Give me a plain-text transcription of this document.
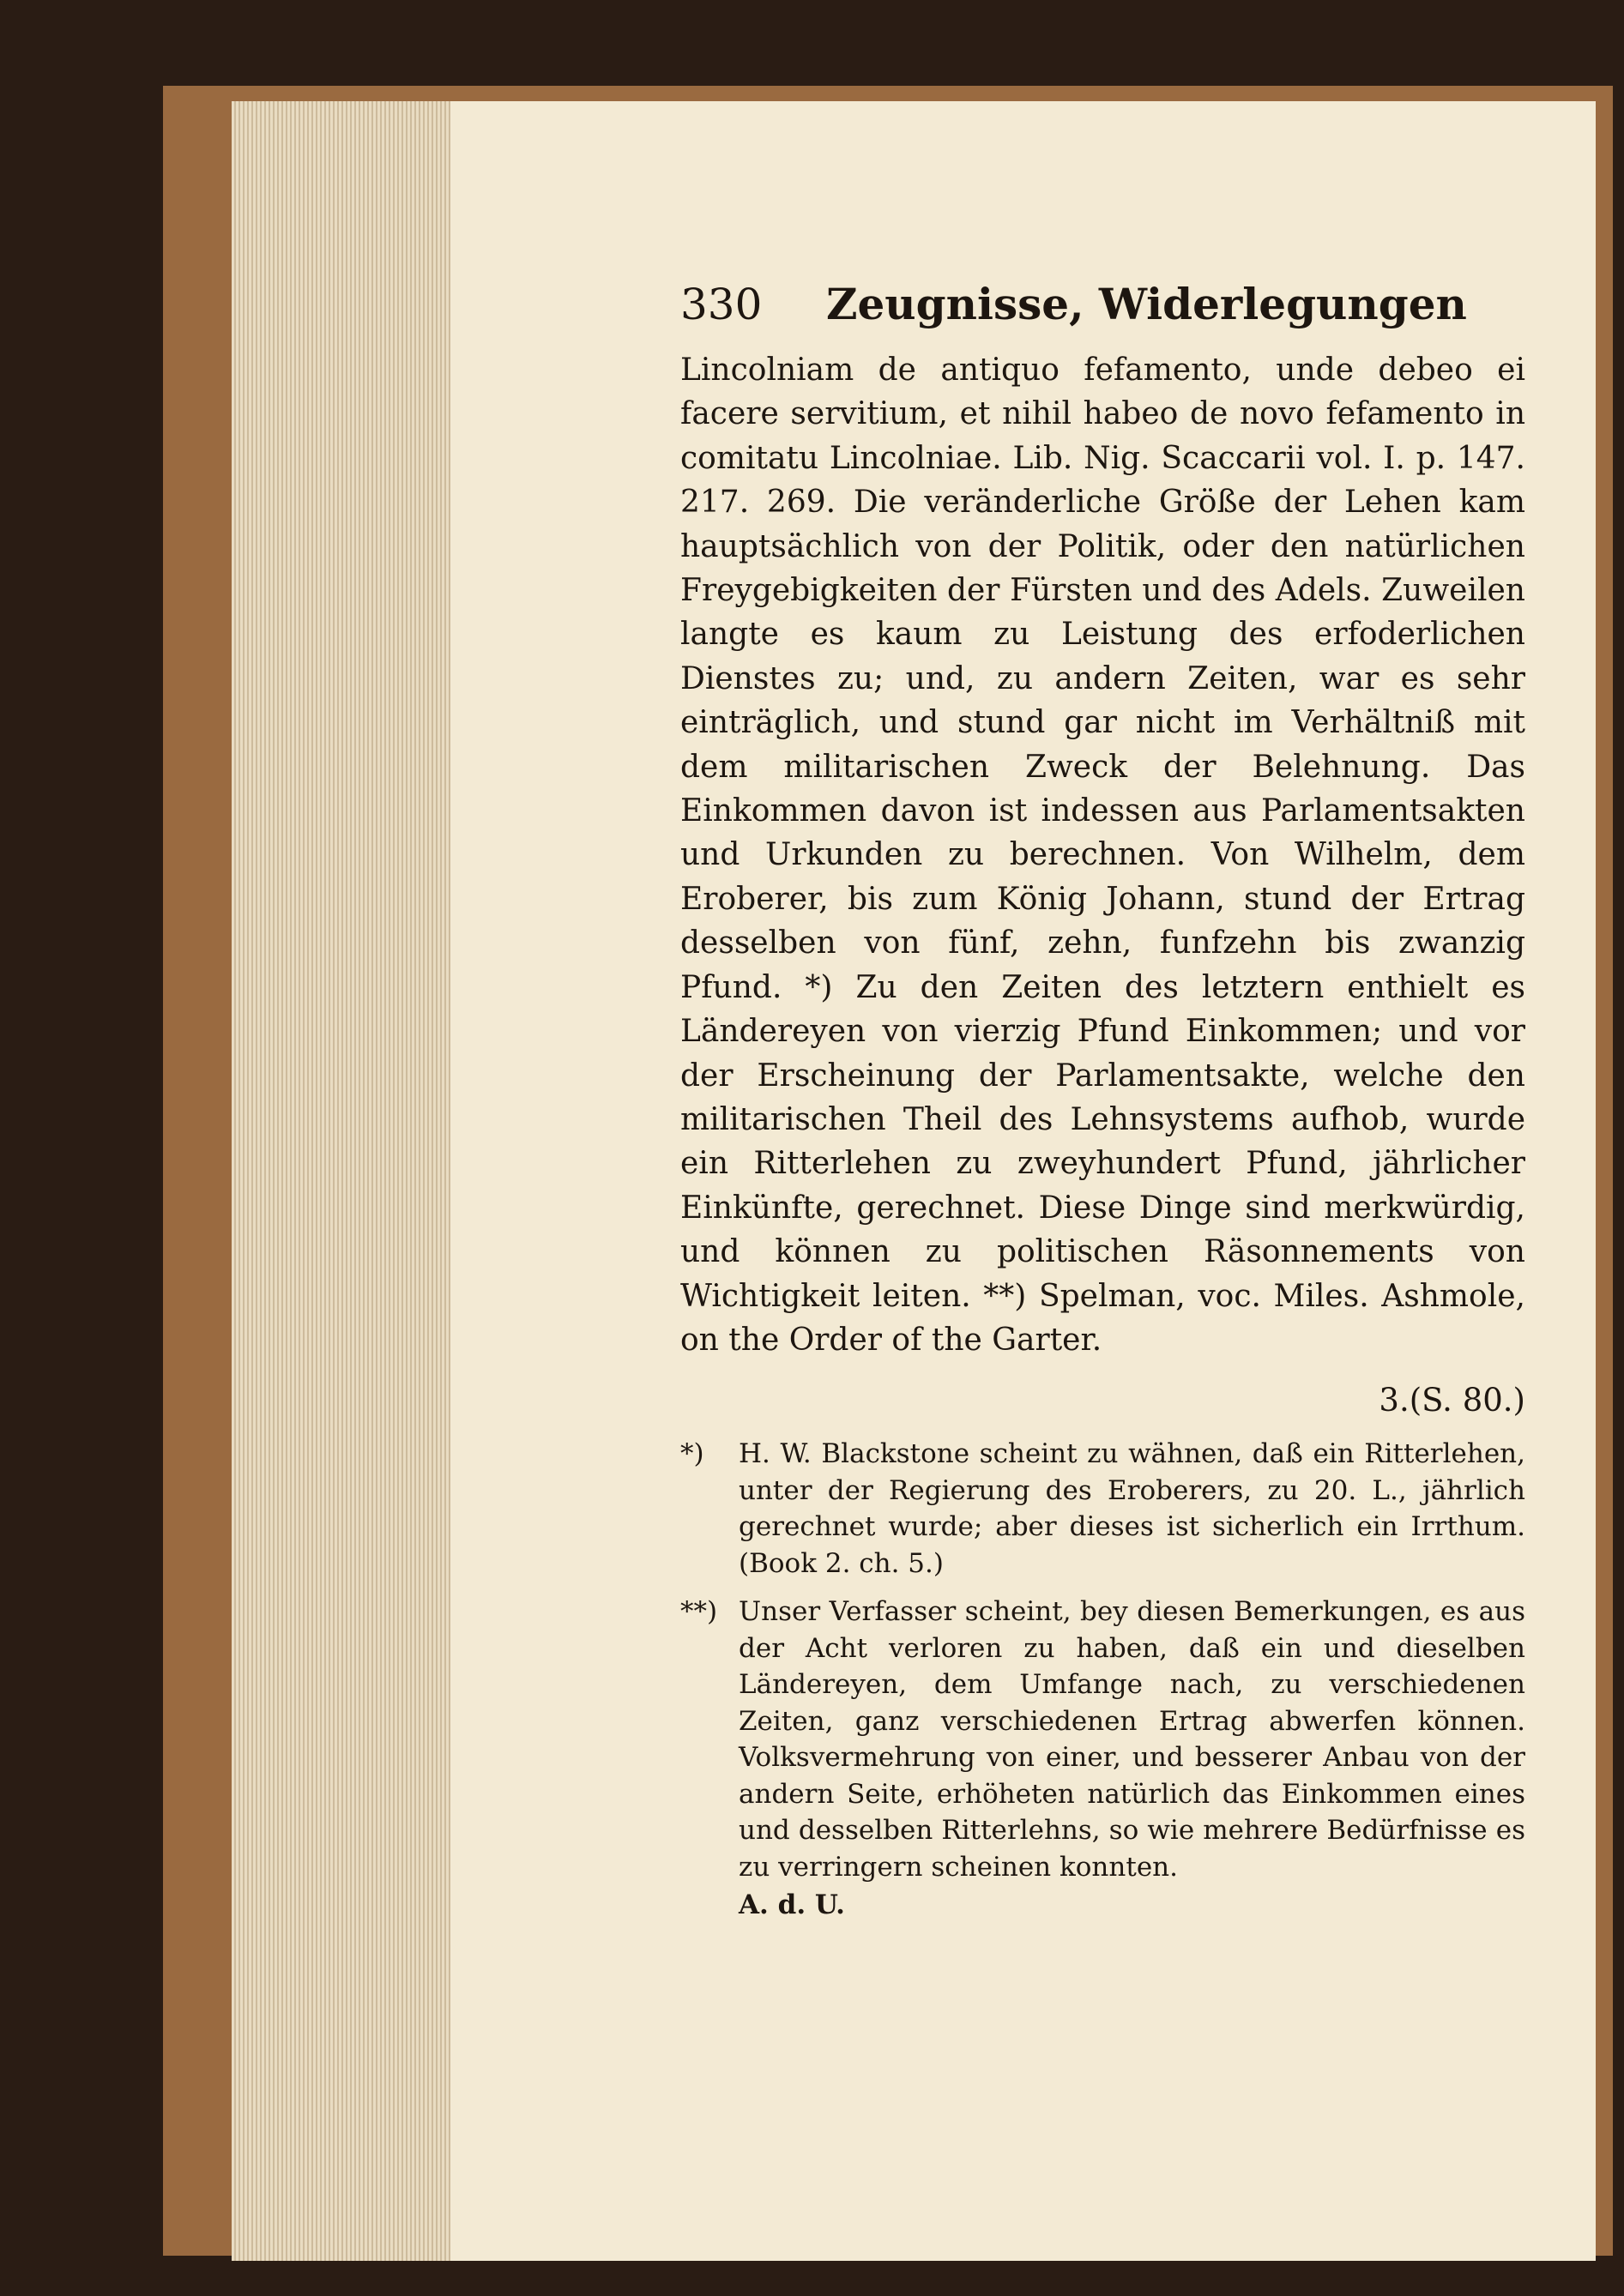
330	Zeugnisse, Widerlegungen
Lincolniam de antiquo fefamento, unde debeo ei facere servitium, et nihil habeo de novo fefamento in comitatu Lincolniae. Lib. Nig. Scaccarii vol. I. p. 147. 217. 269. Die veränderliche Größe der Lehen kam hauptsächlich von der Politik, oder den natürlichen Freygebigkeiten der Fürsten und des Adels. Zuweilen langte es kaum zu Leistung des erfoderlichen Dienstes zu; und, zu andern Zeiten, war es sehr einträglich, und stund gar nicht im Verhältniß mit dem militarischen Zweck der Belehnung. Das Einkommen davon ist indessen aus Parlamentsakten und Urkunden zu berechnen. Von Wilhelm, dem Eroberer, bis zum König Johann, stund der Ertrag desselben von fünf, zehn, funfzehn bis zwanzig Pfund. *) Zu den Zeiten des letztern enthielt es Ländereyen von vierzig Pfund Einkommen; und vor der Erscheinung der Parlamentsakte, welche den militarischen Theil des Lehnsystems aufhob, wurde ein Ritterlehen zu zweyhundert Pfund, jährlicher Einkünfte, gerechnet. Diese Dinge sind merkwürdig, und können zu politischen Räsonnements von Wichtigkeit leiten. **) Spelman, voc. Miles. Ashmole, on the Order of the Garter.
3.(S. 80.)
*)	H. W. Blackstone scheint zu wähnen, daß ein Ritterlehen, unter der Regierung des Eroberers, zu 20. L., jährlich gerechnet wurde; aber dieses ist sicherlich ein Irrthum. (Book 2. ch. 5.)
**) Unser Verfasser scheint, bey diesen Bemerkungen, es aus der Acht verloren zu haben, daß ein und dieselben Ländereyen, dem Umfange nach, zu verschiedenen Zeiten, ganz verschiedenen Ertrag abwerfen können. Volksvermehrung von einer, und besserer Anbau von der andern Seite, erhöheten natürlich das Einkommen eines und desselben Ritterlehns, so wie mehrere Bedürfnisse es zu verringern scheinen konnten.
A. d. U.
